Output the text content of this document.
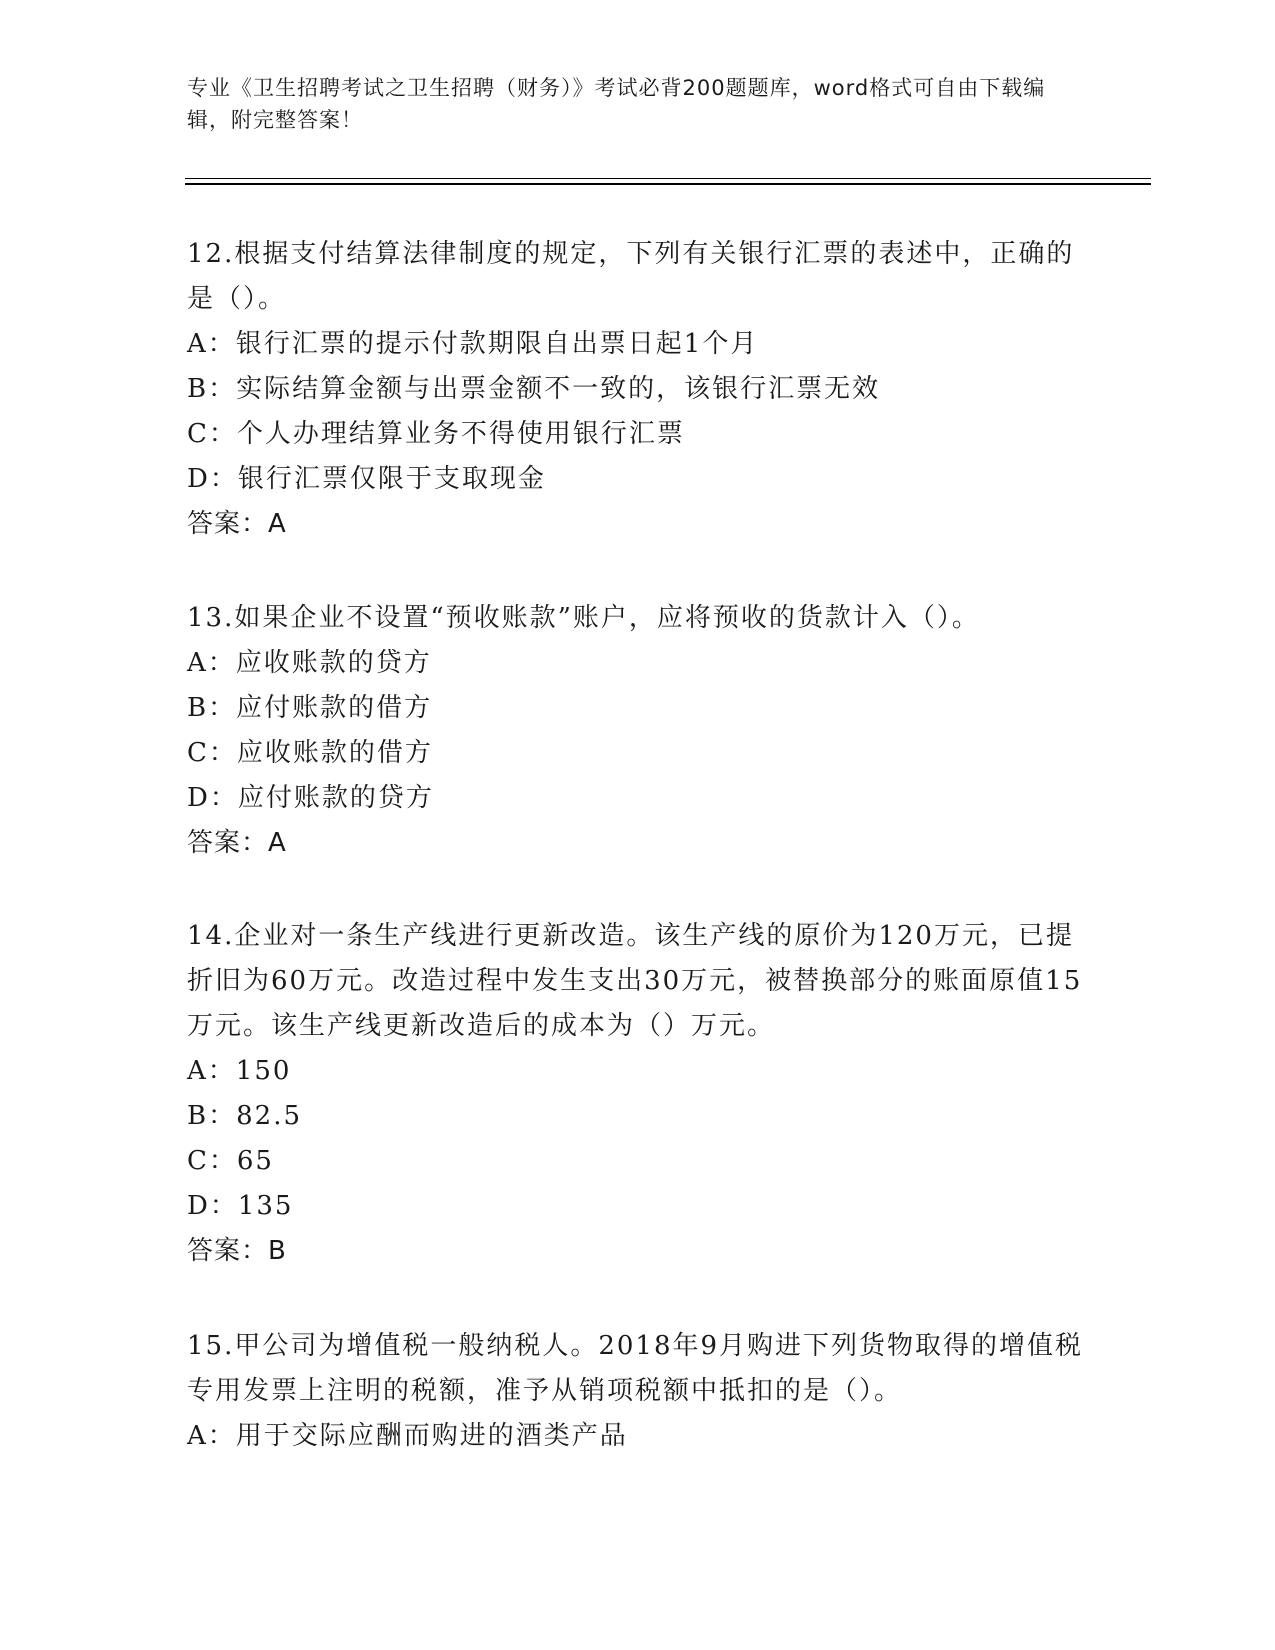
专业《卫生招聘考试之卫生招聘（财务）》考试必背200题题库，word格式可自由下载编辑，附完整答案！
12.根据支付结算法律制度的规定，下列有关银行汇票的表述中，正确的是（）。
A：银行汇票的提示付款期限自出票日起1个月
B：实际结算金额与出票金额不一致的，该银行汇票无效
C：个人办理结算业务不得使用银行汇票
D：银行汇票仅限于支取现金
答案：A
13.如果企业不设置“预收账款”账户，应将预收的货款计入（）。
A：应收账款的贷方
B：应付账款的借方
C：应收账款的借方
D：应付账款的贷方
答案：A
14.企业对一条生产线进行更新改造。该生产线的原价为120万元，已提折旧为60万元。改造过程中发生支出30万元，被替换部分的账面原值15万元。该生产线更新改造后的成本为（）万元。
A：150
B：82.5
C：65
D：135
答案：B
15.甲公司为增值税一般纳税人。2018年9月购进下列货物取得的增值税专用发票上注明的税额，准予从销项税额中抵扣的是（）。
A：用于交际应酬而购进的酒类产品
